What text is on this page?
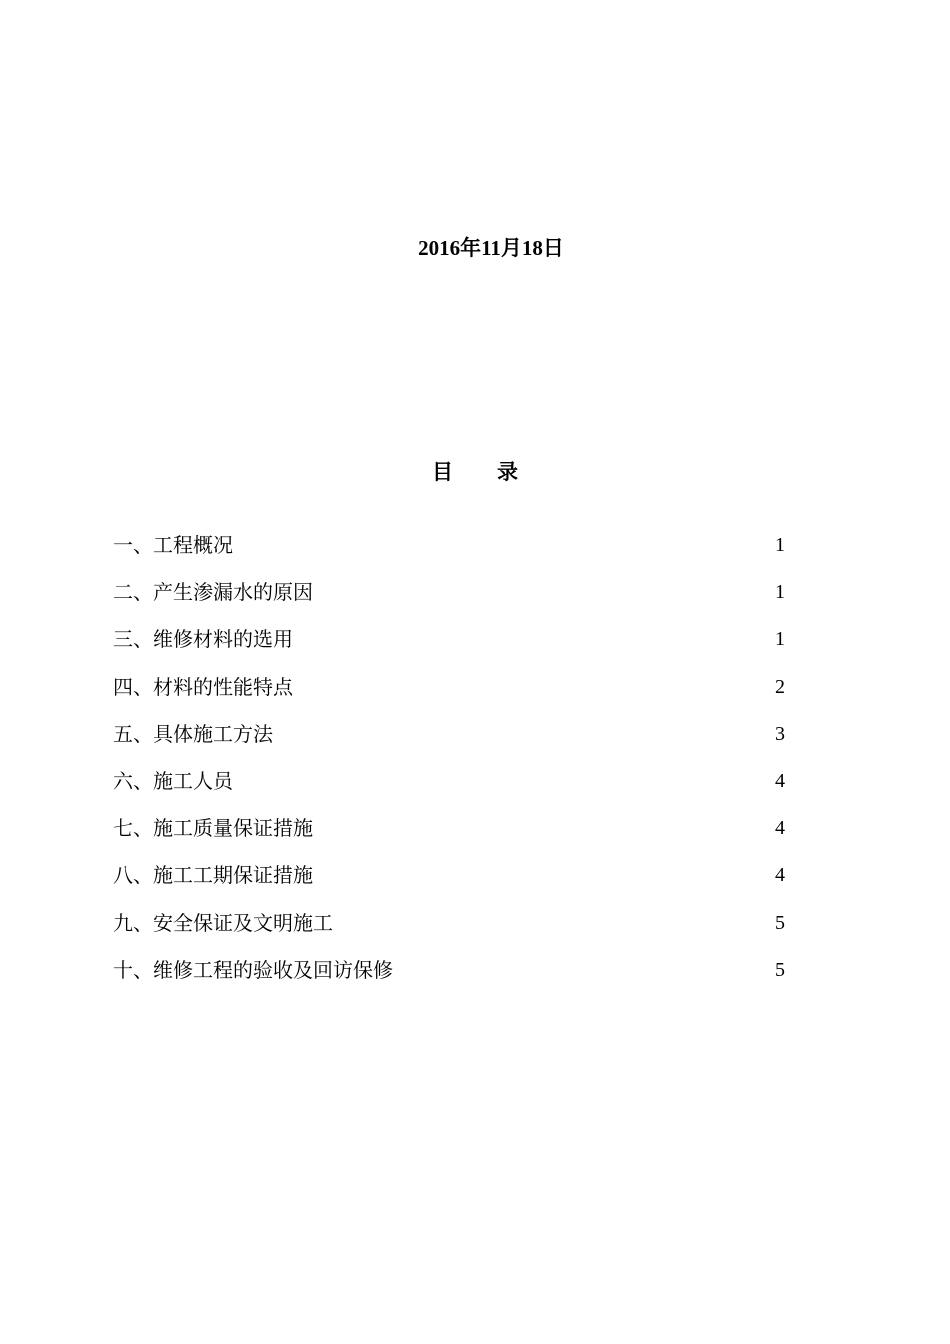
2016年11月18日
目 录
一、工程概况	1
二、产生渗漏水的原因	1
三、维修材料的选用	1
四、材料的性能特点	2
五、具体施工方法	3
六、施工人员	4
七、施工质量保证措施	4
八、施工工期保证措施	4
九、安全保证及文明施工	5
十、维修工程的验收及回访保修	5
